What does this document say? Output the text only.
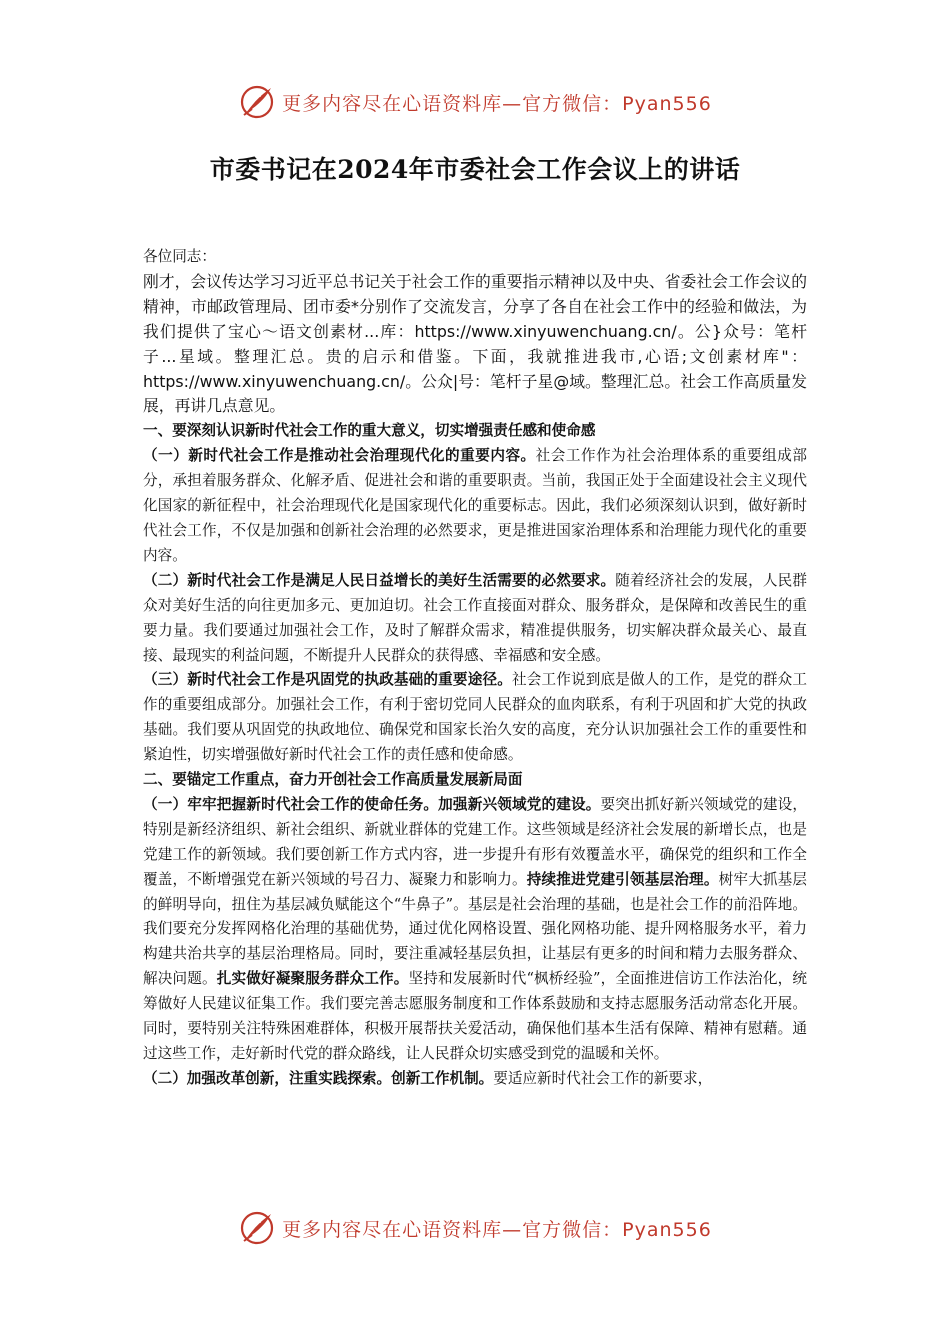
更多内容尽在心语资料库—官方微信：Pyan556
市委书记在2024年市委社会工作会议上的讲话

各位同志：

刚才，会议传达学习习近平总书记关于社会工作的重要指示精神以及中央、省委社会工作会议的精神，市邮政管理局、团市委*分别作了交流发言，分享了各自在社会工作中的经验和做法，为我们提供了宝心～语文创素材...库：https://www.xinyuwenchuang.cn/。公}众号：笔杆子...星域。整理汇总。贵的启示和借鉴。下面，我就推进我市,心语;文创素材库"：https://www.xinyuwenchuang.cn/。公众|号：笔杆子星@域。整理汇总。社会工作高质量发展，再讲几点意见。

一、要深刻认识新时代社会工作的重大意义，切实增强责任感和使命感

（一）新时代社会工作是推动社会治理现代化的重要内容。社会工作作为社会治理体系的重要组成部分，承担着服务群众、化解矛盾、促进社会和谐的重要职责。当前，我国正处于全面建设社会主义现代化国家的新征程中，社会治理现代化是国家现代化的重要标志。因此，我们必须深刻认识到，做好新时代社会工作，不仅是加强和创新社会治理的必然要求，更是推进国家治理体系和治理能力现代化的重要内容。

（二）新时代社会工作是满足人民日益增长的美好生活需要的必然要求。随着经济社会的发展，人民群众对美好生活的向往更加多元、更加迫切。社会工作直接面对群众、服务群众，是保障和改善民生的重要力量。我们要通过加强社会工作，及时了解群众需求，精准提供服务，切实解决群众最关心、最直接、最现实的利益问题，不断提升人民群众的获得感、幸福感和安全感。

（三）新时代社会工作是巩固党的执政基础的重要途径。社会工作说到底是做人的工作，是党的群众工作的重要组成部分。加强社会工作，有利于密切党同人民群众的血肉联系，有利于巩固和扩大党的执政基础。我们要从巩固党的执政地位、确保党和国家长治久安的高度，充分认识加强社会工作的重要性和紧迫性，切实增强做好新时代社会工作的责任感和使命感。

二、要锚定工作重点，奋力开创社会工作高质量发展新局面

（一）牢牢把握新时代社会工作的使命任务。加强新兴领域党的建设。要突出抓好新兴领域党的建设，特别是新经济组织、新社会组织、新就业群体的党建工作。这些领域是经济社会发展的新增长点，也是党建工作的新领域。我们要创新工作方式内容，进一步提升有形有效覆盖水平，确保党的组织和工作全覆盖，不断增强党在新兴领域的号召力、凝聚力和影响力。持续推进党建引领基层治理。树牢大抓基层的鲜明导向，扭住为基层减负赋能这个“牛鼻子”。基层是社会治理的基础，也是社会工作的前沿阵地。我们要充分发挥网格化治理的基础优势，通过优化网格设置、强化网格功能、提升网格服务水平，着力构建共治共享的基层治理格局。同时，要注重减轻基层负担，让基层有更多的时间和精力去服务群众、解决问题。扎实做好凝聚服务群众工作。坚持和发展新时代“枫桥经验”，全面推进信访工作法治化，统筹做好人民建议征集工作。我们要完善志愿服务制度和工作体系鼓励和支持志愿服务活动常态化开展。同时，要特别关注特殊困难群体，积极开展帮扶关爱活动，确保他们基本生活有保障、精神有慰藉。通过这些工作，走好新时代党的群众路线，让人民群众切实感受到党的温暖和关怀。

（二）加强改革创新，注重实践探索。创新工作机制。要适应新时代社会工作的新要求，

更多内容尽在心语资料库—官方微信：Pyan556
